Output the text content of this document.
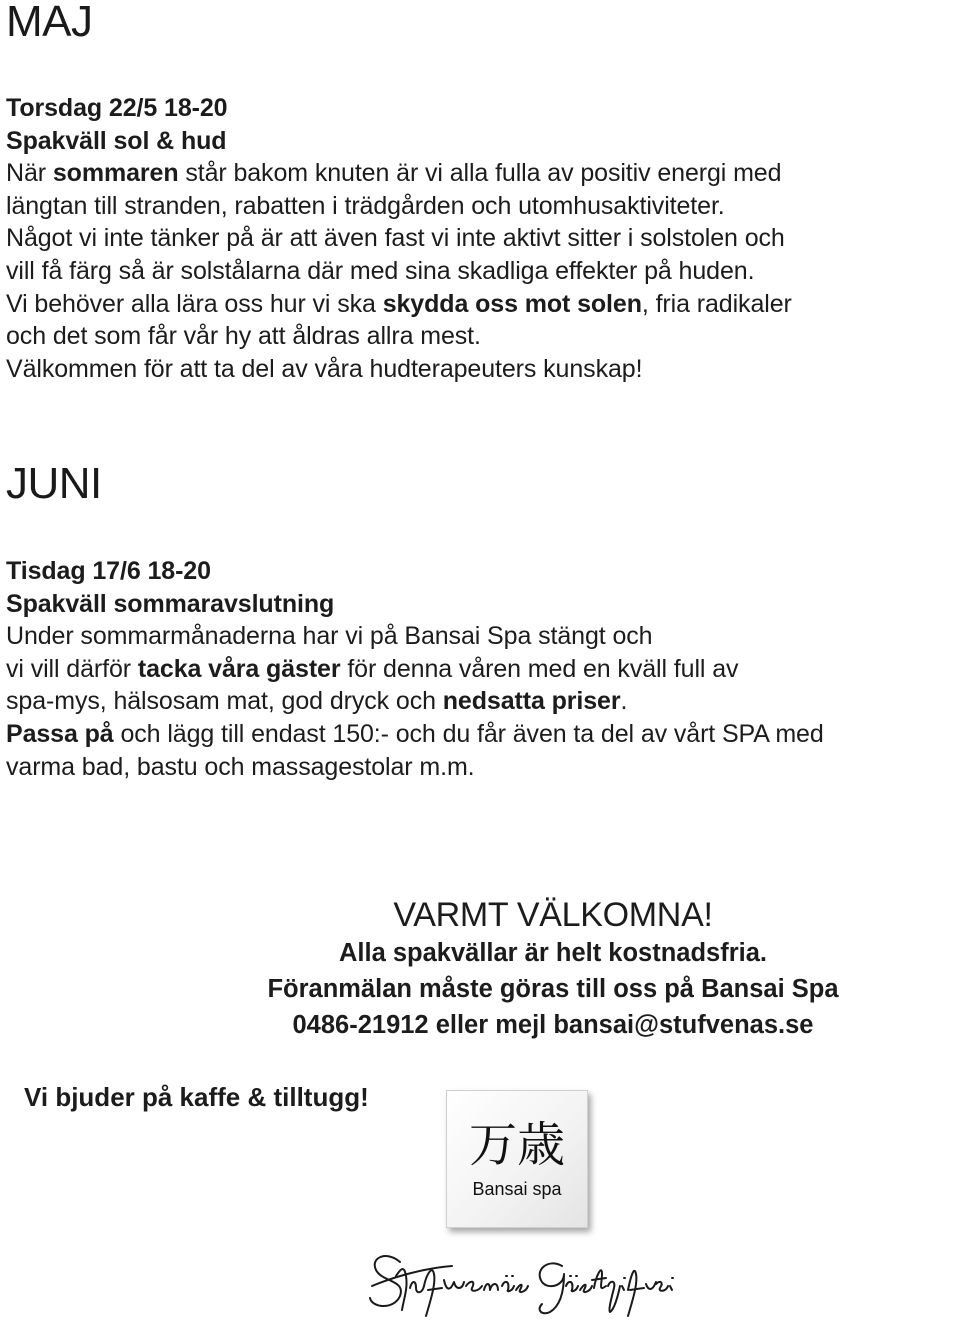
MAJ

Torsdag 22/5 18-20

Spakväll sol & hud

När sommaren står bakom knuten är vi alla fulla av positiv energi med

längtan till stranden, rabatten i trädgården och utomhusaktiviteter.

Något vi inte tänker på är att även fast vi inte aktivt sitter i solstolen och

vill få färg så är solstålarna där med sina skadliga effekter på huden.

Vi behöver alla lära oss hur vi ska skydda oss mot solen, fria radikaler

och det som får vår hy att åldras allra mest.

Välkommen för att ta del av våra hudterapeuters kunskap!

JUNI

Tisdag 17/6 18-20

Spakväll sommaravslutning

Under sommarmånaderna har vi på Bansai Spa stängt och

vi vill därför tacka våra gäster för denna våren med en kväll full av

spa-mys, hälsosam mat, god dryck och nedsatta priser.

Passa på och lägg till endast 150:- och du får även ta del av vårt SPA med

varma bad, bastu och massagestolar m.m.

VARMT VÄLKOMNA!

Alla spakvällar är helt kostnadsfria.

Föranmälan måste göras till oss på Bansai Spa

0486-21912 eller mejl bansai@stufvenas.se

Vi bjuder på kaffe & tilltugg!

万歳
Bansai spa
